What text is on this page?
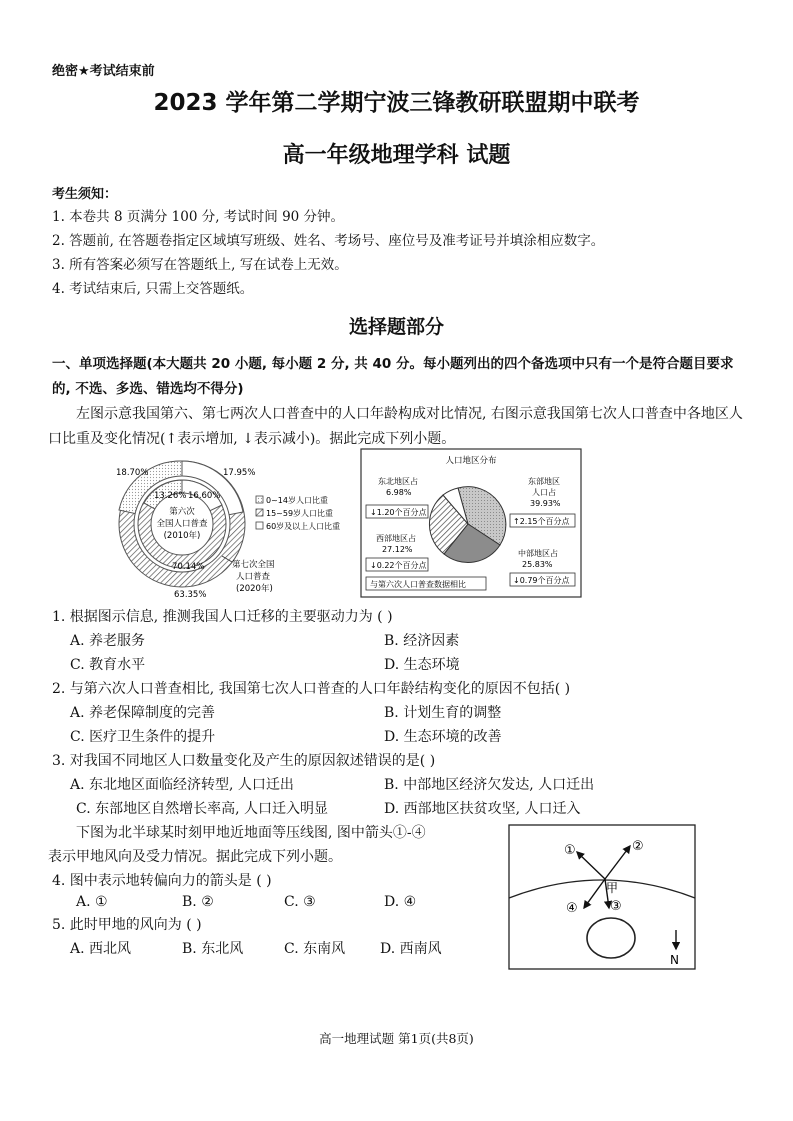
绝密★考试结束前
2023 学年第二学期宁波三锋教研联盟期中联考
高一年级地理学科 试题
考生须知：
1. 本卷共 8 页满分 100 分, 考试时间 90 分钟。
2. 答题前, 在答题卷指定区域填写班级、姓名、考场号、座位号及准考证号并填涂相应数字。
3. 所有答案必须写在答题纸上, 写在试卷上无效。
4. 考试结束后, 只需上交答题纸。
选择题部分
一、单项选择题(本大题共 20 小题, 每小题 2 分, 共 40 分。每小题列出的四个备选项中只有一个是符合题目要求的, 不选、多选、错选均不得分)
左图示意我国第六、第七两次人口普查中的人口年龄构成对比情况, 右图示意我国第七次人口普查中各地区人口比重及变化情况(↑表示增加, ↓表示减小)。据此完成下列小题。
第六次
全国人口普查
(2010年)
18.70%	17.95%
13.26% 16.60%
70.14%
63.35%
第七次全国
人口普查
(2020年)
0~14岁人口比重
15~59岁人口比重
60岁及以上人口比重
人口地区分布
东北地区占
6.98%
↓1.20个百分点
东部地区
人口占
39.93%
↑2.15个百分点
西部地区占
27.12%
↓0.22个百分点
中部地区占
25.83%
↓0.79个百分点
与第六次人口普查数据相比
1. 根据图示信息, 推测我国人口迁移的主要驱动力为 ( )
A. 养老服务	B. 经济因素
C. 教育水平	D. 生态环境
2. 与第六次人口普查相比, 我国第七次人口普查的人口年龄结构变化的原因不包括( )
A. 养老保障制度的完善	B. 计划生育的调整
C. 医疗卫生条件的提升	D. 生态环境的改善
3. 对我国不同地区人口数量变化及产生的原因叙述错误的是( )
A. 东北地区面临经济转型, 人口迁出	B. 中部地区经济欠发达, 人口迁出
C. 东部地区自然增长率高, 人口迁入明显	D. 西部地区扶贫攻坚, 人口迁入
下图为北半球某时刻甲地近地面等压线图, 图中箭头①-④
表示甲地风向及受力情况。据此完成下列小题。
4. 图中表示地转偏向力的箭头是 ( )
A. ①	B. ②	C. ③	D. ④
5. 此时甲地的风向为 ( )
A. 西北风	B. 东北风	C. 东南风 D. 西南风
①	②
③
④
甲
N
高一地理试题 第1页(共8页)
